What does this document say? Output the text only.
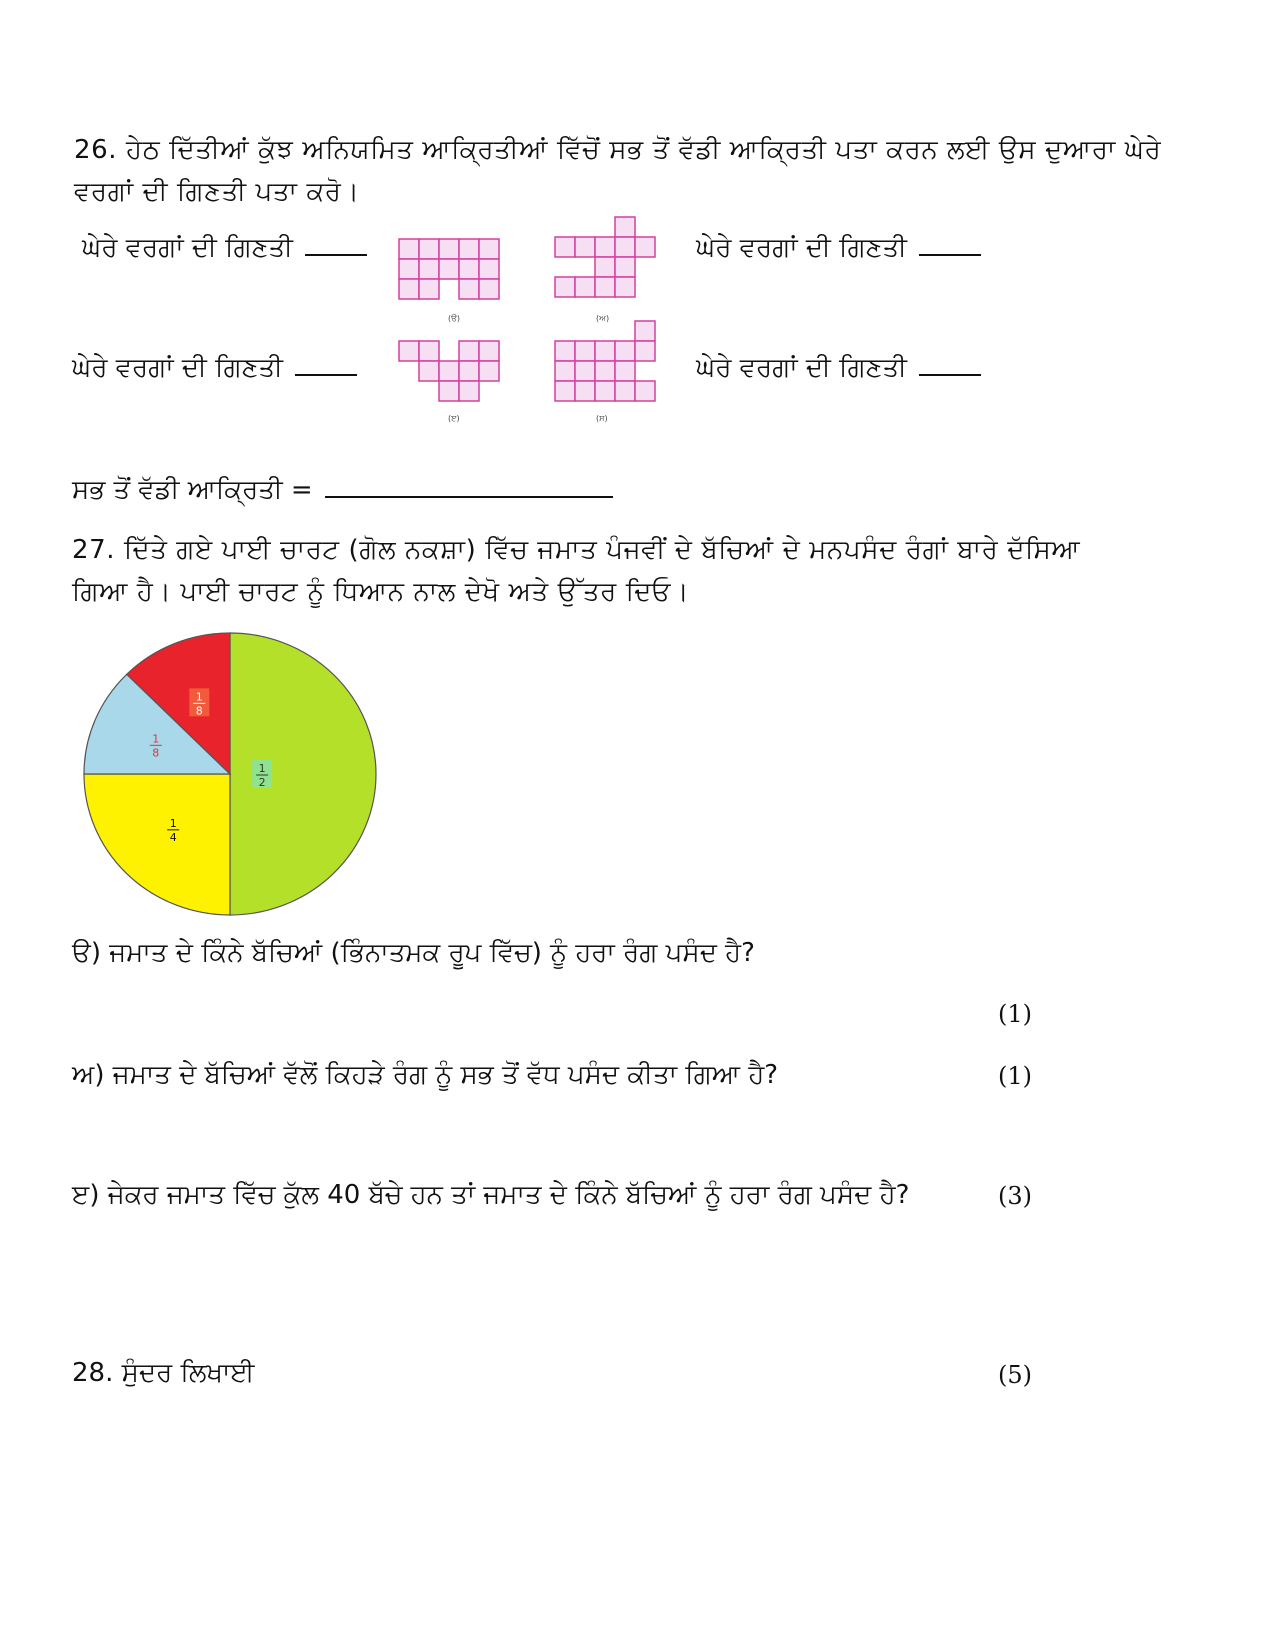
26. ਹੇਠ ਦਿੱਤੀਆਂ ਕੁੱਝ ਅਨਿਯਮਿਤ ਆਕ੍ਰਿਤੀਆਂ ਵਿੱਚੋਂ ਸਭ ਤੋਂ ਵੱਡੀ ਆਕ੍ਰਿਤੀ ਪਤਾ ਕਰਨ ਲਈ ਉਸ ਦੁਆਰਾ ਘੇਰੇ
ਵਰਗਾਂ ਦੀ ਗਿਣਤੀ ਪਤਾ ਕਰੋ।
ਘੇਰੇ ਵਰਗਾਂ ਦੀ ਗਿਣਤੀ	ਘੇਰੇ ਵਰਗਾਂ ਦੀ ਗਿਣਤੀ
ਘੇਰੇ ਵਰਗਾਂ ਦੀ ਗਿਣਤੀ	ਘੇਰੇ ਵਰਗਾਂ ਦੀ ਗਿਣਤੀ
(ੳ)	(ਅ)
(ੲ)	(ਸ)
ਸਭ ਤੋਂ ਵੱਡੀ ਆਕ੍ਰਿਤੀ =
27. ਦਿੱਤੇ ਗਏ ਪਾਈ ਚਾਰਟ (ਗੋਲ ਨਕਸ਼ਾ) ਵਿੱਚ ਜਮਾਤ ਪੰਜਵੀਂ ਦੇ ਬੱਚਿਆਂ ਦੇ ਮਨਪਸੰਦ ਰੰਗਾਂ ਬਾਰੇ ਦੱਸਿਆ
ਗਿਆ ਹੈ। ਪਾਈ ਚਾਰਟ ਨੂੰ ਧਿਆਨ ਨਾਲ ਦੇਖੋ ਅਤੇ ਉੱਤਰ ਦਿਓ।
1
2
1
4
1
8
1
8
ੳ) ਜਮਾਤ ਦੇ ਕਿੰਨੇ ਬੱਚਿਆਂ (ਭਿੰਨਾਤਮਕ ਰੂਪ ਵਿੱਚ) ਨੂੰ ਹਰਾ ਰੰਗ ਪਸੰਦ ਹੈ?
(1)
ਅ) ਜਮਾਤ ਦੇ ਬੱਚਿਆਂ ਵੱਲੋਂ ਕਿਹੜੇ ਰੰਗ ਨੂੰ ਸਭ ਤੋਂ ਵੱਧ ਪਸੰਦ ਕੀਤਾ ਗਿਆ ਹੈ?	(1)
ੲ) ਜੇਕਰ ਜਮਾਤ ਵਿੱਚ ਕੁੱਲ 40 ਬੱਚੇ ਹਨ ਤਾਂ ਜਮਾਤ ਦੇ ਕਿੰਨੇ ਬੱਚਿਆਂ ਨੂੰ ਹਰਾ ਰੰਗ ਪਸੰਦ ਹੈ?	(3)
28. ਸੁੰਦਰ ਲਿਖਾਈ	(5)
